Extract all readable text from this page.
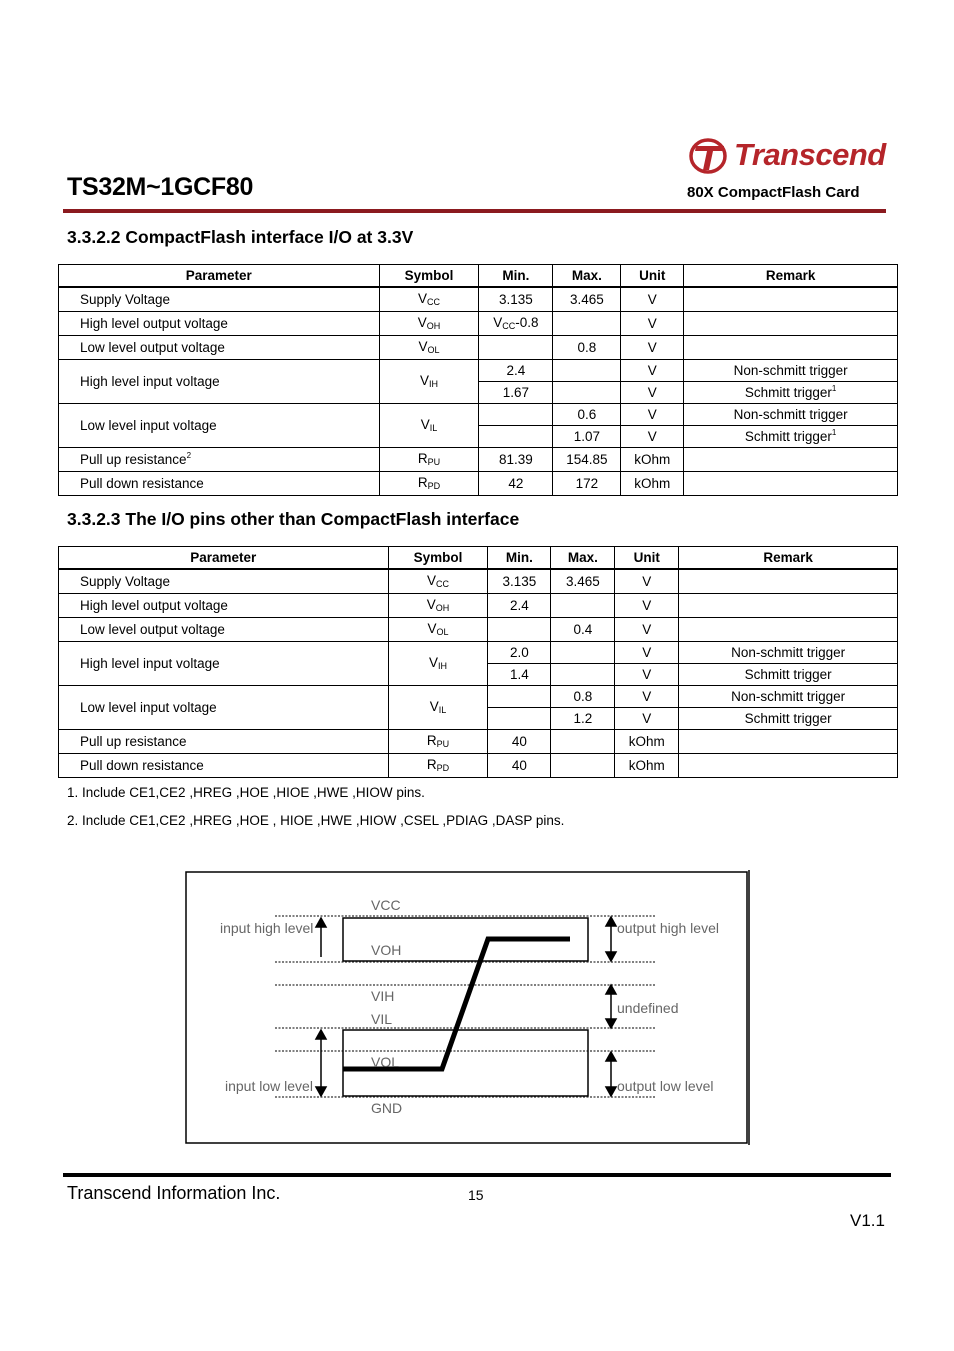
Transcend
80X CompactFlash Card
TS32M~1GCF80
3.3.2.2 CompactFlash interface I/O at 3.3V
Parameter	Symbol	Min.	Max.	Unit	Remark
Supply Voltage	VCC	3.135	3.465	V	
High level output voltage	VOH	VCC-0.8		V	
Low level output voltage	VOL		0.8	V	
High level input voltage	VIH	2.4		V	Non-schmitt trigger
		1.67		V	Schmitt trigger$^1$
Low level input voltage	VIL		0.6	V	Non-schmitt trigger
			1.07	V	Schmitt trigger$^1$
Pull up resistance$^2$	RPU	81.39	154.85	kOhm	
Pull down resistance	RPD	42	172	kOhm	
3.3.2.3 The I/O pins other than CompactFlash interface
Parameter	Symbol	Min.	Max.	Unit	Remark
Supply Voltage	VCC	3.135	3.465	V	
High level output voltage	VOH	2.4		V	
Low level output voltage	VOL		0.4	V	
High level input voltage	VIH	2.0		V	Non-schmitt trigger
		1.4		V	Schmitt trigger
Low level input voltage	VIL		0.8	V	Non-schmitt trigger
			1.2	V	Schmitt trigger
Pull up resistance	RPU	40		kOhm	
Pull down resistance	RPD	40		kOhm	
1. Include CE1,CE2 ,HREG ,HOE ,HIOE ,HWE ,HIOW pins.
2. Include CE1,CE2 ,HREG ,HOE , HIOE ,HWE ,HIOW ,CSEL ,PDIAG ,DASP pins.
VCC
VOH
VIH
VIL
VOL
GND
input high level
input low level
output high level
undefined
output low level
Transcend Information Inc.	15
V1.1
